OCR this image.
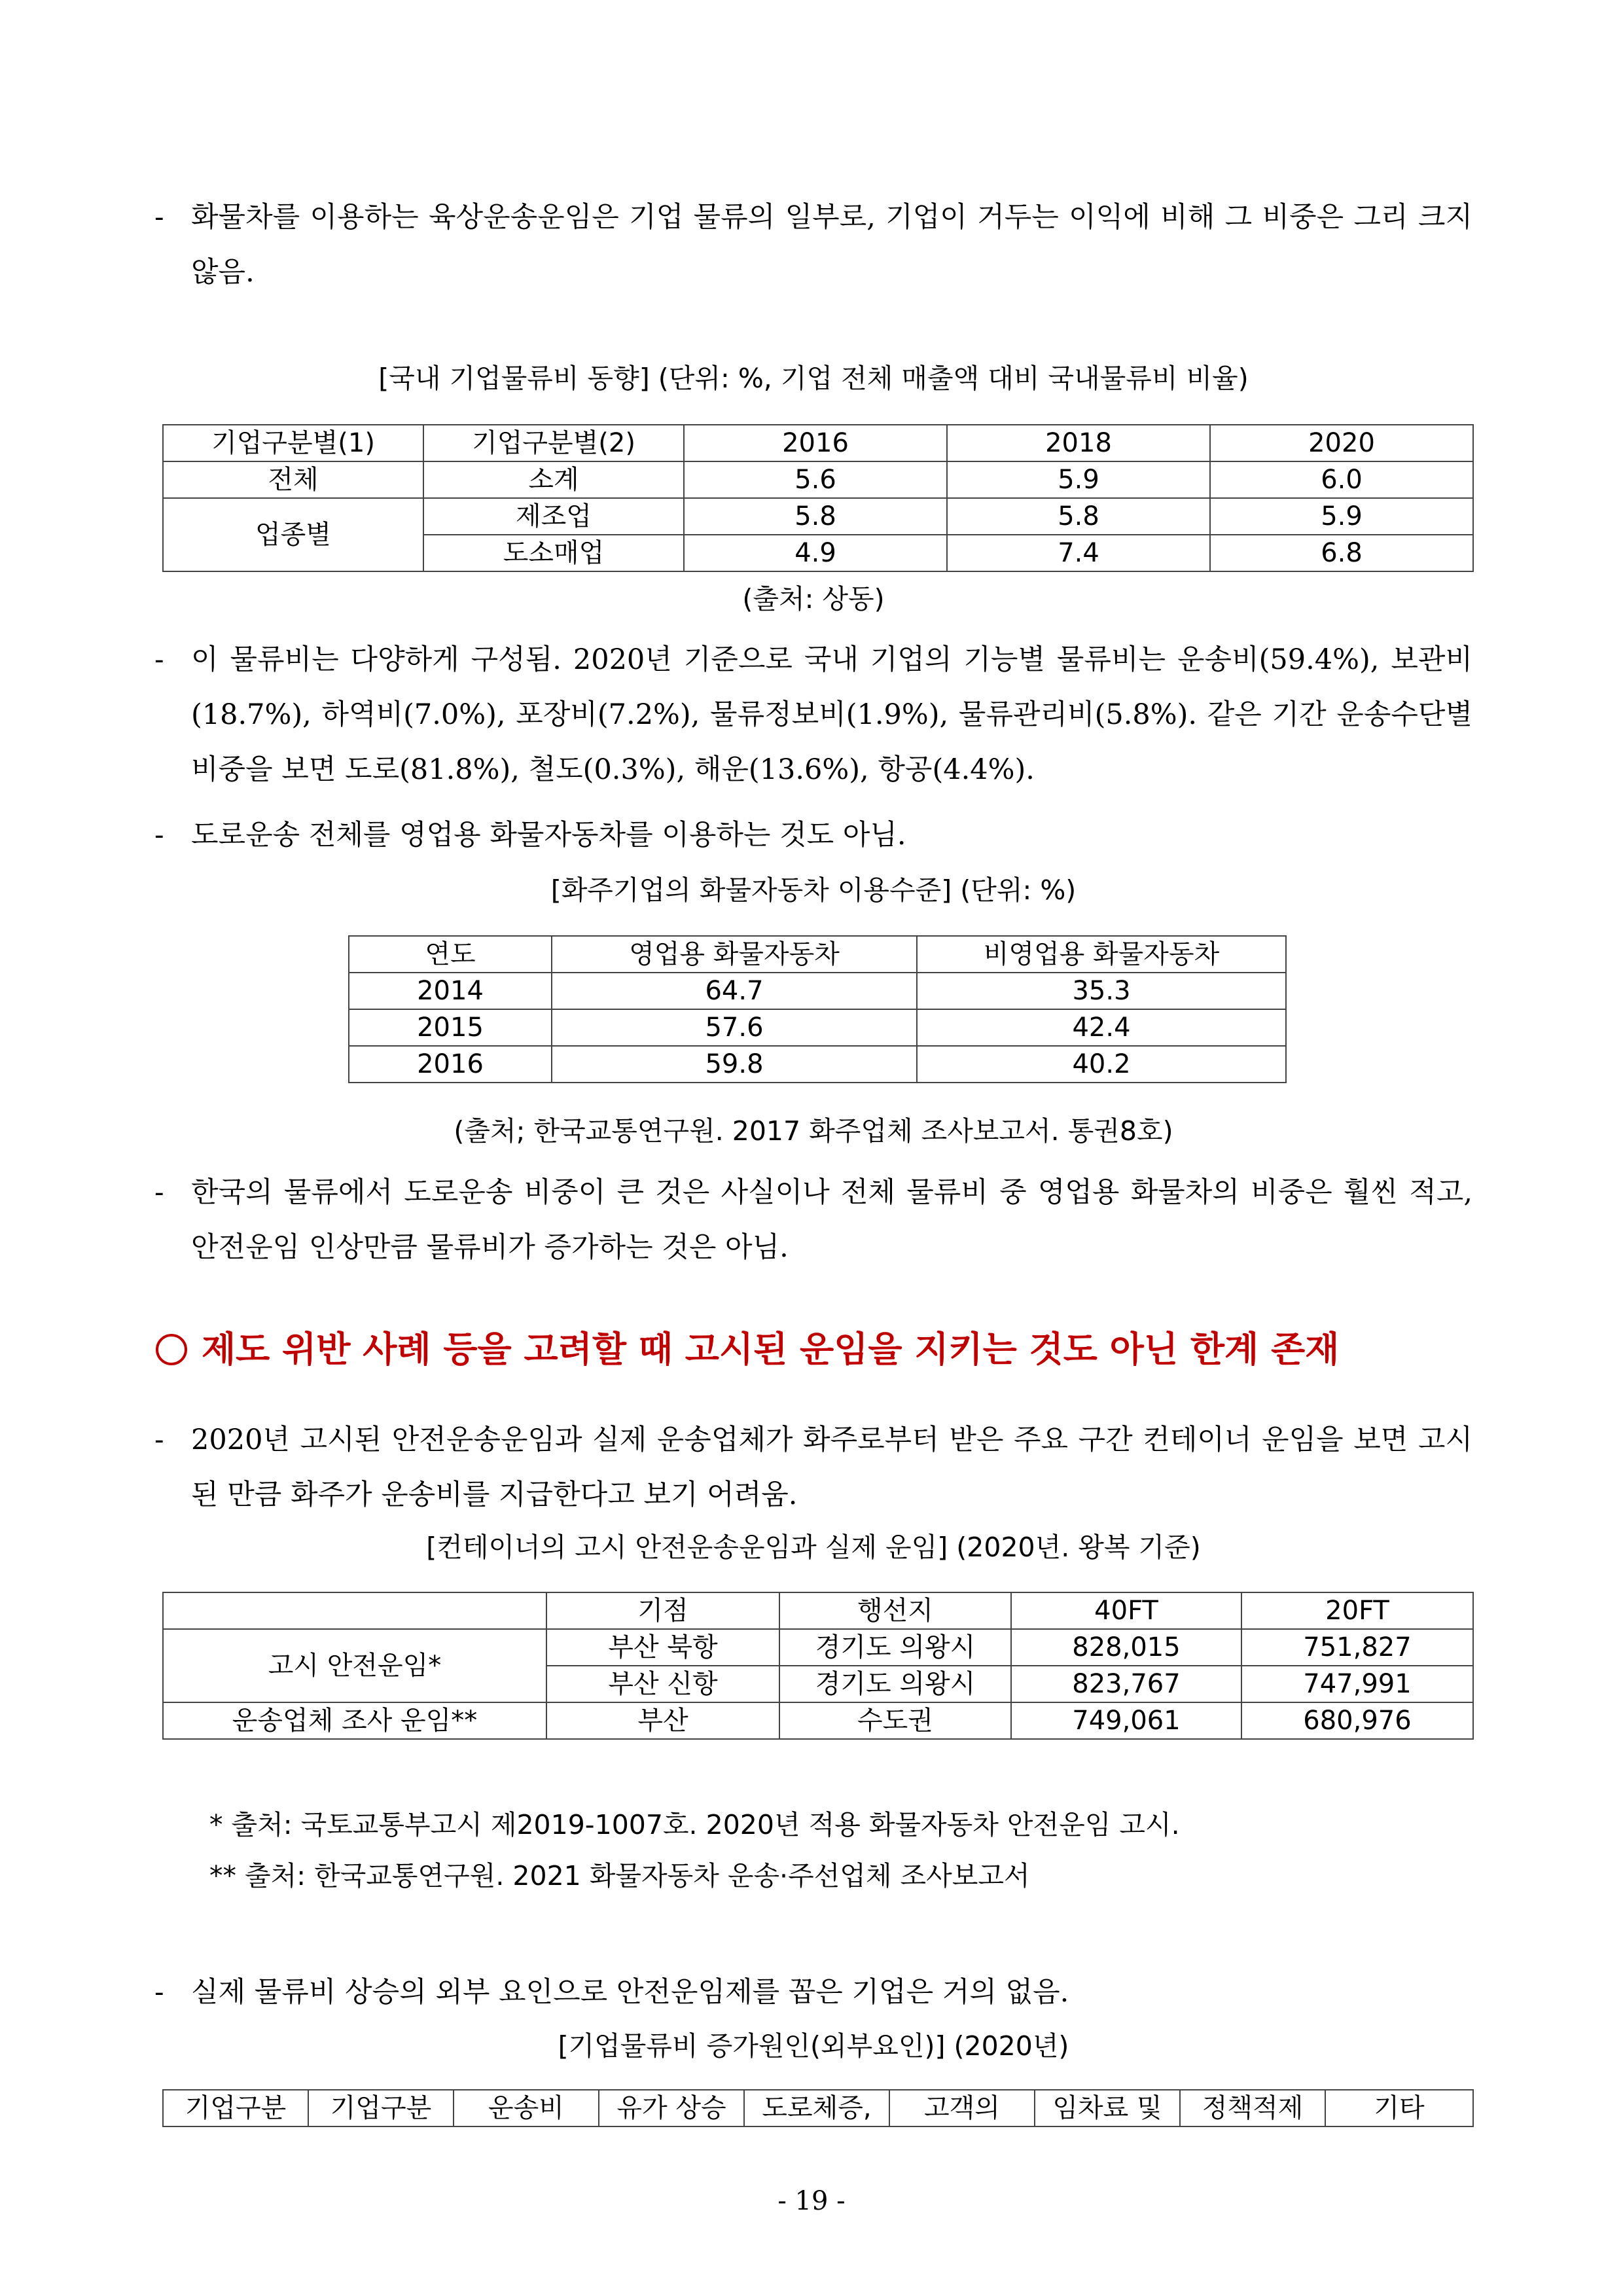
- 화물차를 이용하는 육상운송운임은 기업 물류의 일부로, 기업이 거두는 이익에 비해 그 비중은 그리 크지 않음.
[국내 기업물류비 동향] (단위: %, 기업 전체 매출액 대비 국내물류비 비율)
기업구분별(1)	기업구분별(2)	2016	2018	2020
전체	소계	5.6	5.9	6.0
업종별	제조업	5.8	5.8	5.9
	도소매업	4.9	7.4	6.8
(출처: 상동)
- 이 물류비는 다양하게 구성됨. 2020년 기준으로 국내 기업의 기능별 물류비는 운송비(59.4%), 보관비(18.7%), 하역비(7.0%), 포장비(7.2%), 물류정보비(1.9%), 물류관리비(5.8%). 같은 기간 운송수단별 비중을 보면 도로(81.8%), 철도(0.3%), 해운(13.6%), 항공(4.4%).
- 도로운송 전체를 영업용 화물자동차를 이용하는 것도 아님.
[화주기업의 화물자동차 이용수준] (단위: %)
연도	영업용 화물자동차	비영업용 화물자동차
2014	64.7	35.3
2015	57.6	42.4
2016	59.8	40.2
(출처; 한국교통연구원. 2017 화주업체 조사보고서. 통권8호)
- 한국의 물류에서 도로운송 비중이 큰 것은 사실이나 전체 물류비 중 영업용 화물차의 비중은 훨씬 적고, 안전운임 인상만큼 물류비가 증가하는 것은 아님.
제도 위반 사례 등을 고려할 때 고시된 운임을 지키는 것도 아닌 한계 존재
- 2020년 고시된 안전운송운임과 실제 운송업체가 화주로부터 받은 주요 구간 컨테이너 운임을 보면 고시된 만큼 화주가 운송비를 지급한다고 보기 어려움.
[컨테이너의 고시 안전운송운임과 실제 운임] (2020년. 왕복 기준)
	기점	행선지	40FT	20FT
고시 안전운임*	부산 북항	경기도 의왕시	828,015	751,827
	부산 신항	경기도 의왕시	823,767	747,991
운송업체 조사 운임**	부산	수도권	749,061	680,976
* 출처: 국토교통부고시 제2019-1007호. 2020년 적용 화물자동차 안전운임 고시.
** 출처: 한국교통연구원. 2021 화물자동차 운송·주선업체 조사보고서
- 실제 물류비 상승의 외부 요인으로 안전운임제를 꼽은 기업은 거의 없음.
[기업물류비 증가원인(외부요인)] (2020년)
기업구분	기업구분	운송비	유가 상승	도로체증,	고객의	임차료 및	정책적제	기타
- 19 -
